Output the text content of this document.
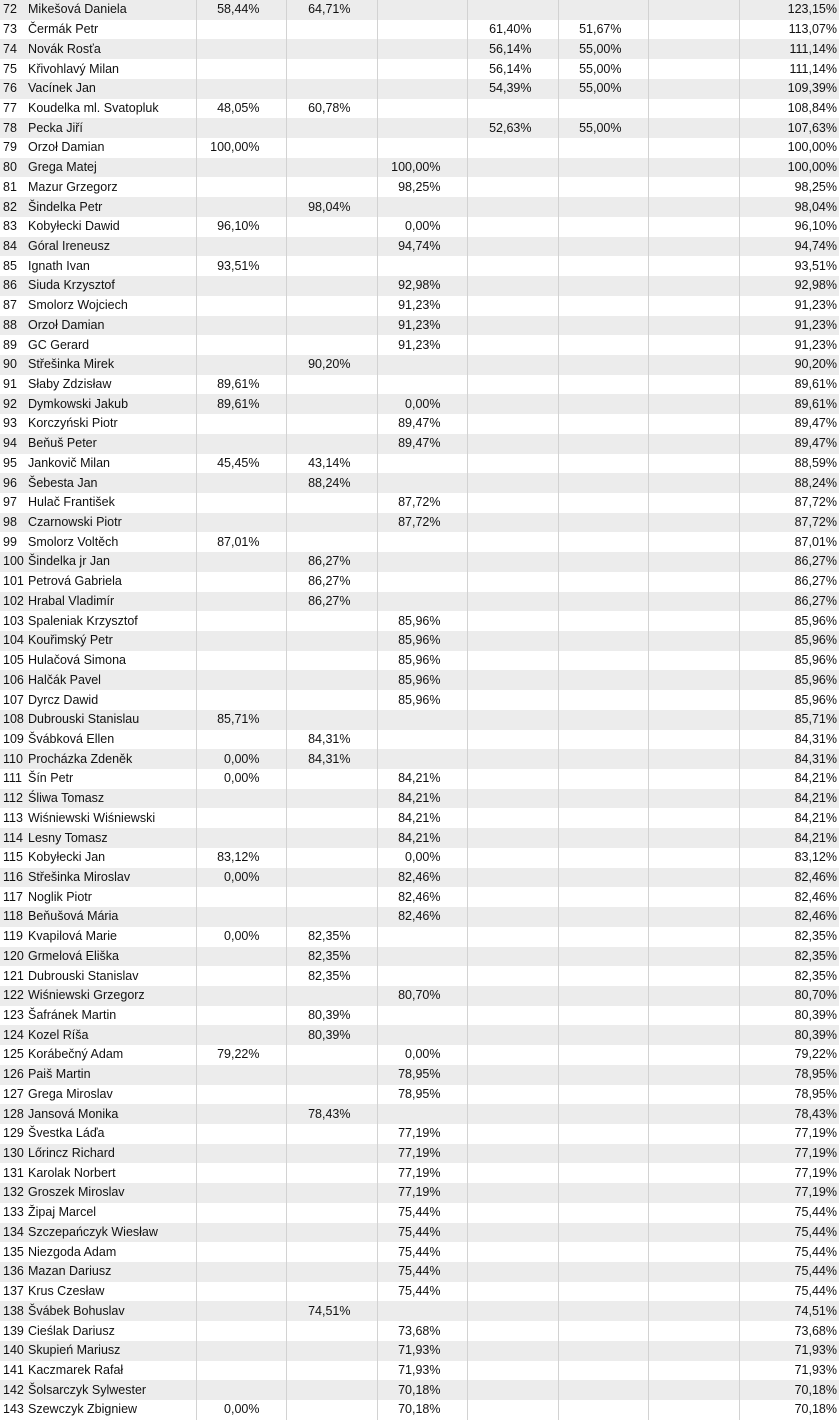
72	Mikešová Daniela	58,44%	64,71%					123,15%
73	Čermák Petr				61,40%	51,67%		113,07%
74	Novák Rosťa				56,14%	55,00%		111,14%
75	Křivohlavý Milan				56,14%	55,00%		111,14%
76	Vacínek Jan				54,39%	55,00%		109,39%
77	Koudelka ml. Svatopluk	48,05%	60,78%					108,84%
78	Pecka Jiří				52,63%	55,00%		107,63%
79	Orzoł Damian	100,00%						100,00%
80	Grega Matej			100,00%				100,00%
81	Mazur Grzegorz			98,25%				98,25%
82	Šindelka Petr		98,04%					98,04%
83	Kobyłecki Dawid	96,10%		0,00%				96,10%
84	Góral Ireneusz			94,74%				94,74%
85	Ignath Ivan	93,51%						93,51%
86	Siuda Krzysztof			92,98%				92,98%
87	Smolorz Wojciech			91,23%				91,23%
88	Orzoł Damian			91,23%				91,23%
89	GC Gerard			91,23%				91,23%
90	Střešinka Mirek		90,20%					90,20%
91	Słaby Zdzisław	89,61%						89,61%
92	Dymkowski Jakub	89,61%		0,00%				89,61%
93	Korczyński Piotr			89,47%				89,47%
94	Beňuš Peter			89,47%				89,47%
95	Jankovič Milan	45,45%	43,14%					88,59%
96	Šebesta Jan		88,24%					88,24%
97	Hulač František			87,72%				87,72%
98	Czarnowski Piotr			87,72%				87,72%
99	Smolorz Voltěch	87,01%						87,01%
100	Šindelka jr Jan		86,27%					86,27%
101	Petrová Gabriela		86,27%					86,27%
102	Hrabal Vladimír		86,27%					86,27%
103	Spaleniak Krzysztof			85,96%				85,96%
104	Kouřimský Petr			85,96%				85,96%
105	Hulačová Simona			85,96%				85,96%
106	Halčák Pavel			85,96%				85,96%
107	Dyrcz Dawid			85,96%				85,96%
108	Dubrouski Stanislau	85,71%						85,71%
109	Švábková Ellen		84,31%					84,31%
110	Procházka Zdeněk	0,00%	84,31%					84,31%
111	Šín Petr	0,00%		84,21%				84,21%
112	Śliwa Tomasz			84,21%				84,21%
113	Wiśniewski Wiśniewski			84,21%				84,21%
114	Lesny Tomasz			84,21%				84,21%
115	Kobyłecki Jan	83,12%		0,00%				83,12%
116	Střešinka Miroslav	0,00%		82,46%				82,46%
117	Noglik Piotr			82,46%				82,46%
118	Beňušová Mária			82,46%				82,46%
119	Kvapilová Marie	0,00%	82,35%					82,35%
120	Grmelová Eliška		82,35%					82,35%
121	Dubrouski Stanislav		82,35%					82,35%
122	Wiśniewski Grzegorz			80,70%				80,70%
123	Šafránek Martin		80,39%					80,39%
124	Kozel Ríša		80,39%					80,39%
125	Korábečný Adam	79,22%		0,00%				79,22%
126	Paiš Martin			78,95%				78,95%
127	Grega Miroslav			78,95%				78,95%
128	Jansová Monika		78,43%					78,43%
129	Švestka Láďa			77,19%				77,19%
130	Lőrincz Richard			77,19%				77,19%
131	Karolak Norbert			77,19%				77,19%
132	Groszek Miroslav			77,19%				77,19%
133	Žipaj Marcel			75,44%				75,44%
134	Szczepańczyk Wiesław			75,44%				75,44%
135	Niezgoda Adam			75,44%				75,44%
136	Mazan Dariusz			75,44%				75,44%
137	Krus Czesław			75,44%				75,44%
138	Švábek Bohuslav		74,51%					74,51%
139	Cieślak Dariusz			73,68%				73,68%
140	Skupień Mariusz			71,93%				71,93%
141	Kaczmarek Rafał			71,93%				71,93%
142	Šolsarczyk Sylwester			70,18%				70,18%
143	Szewczyk Zbigniew	0,00%		70,18%				70,18%
